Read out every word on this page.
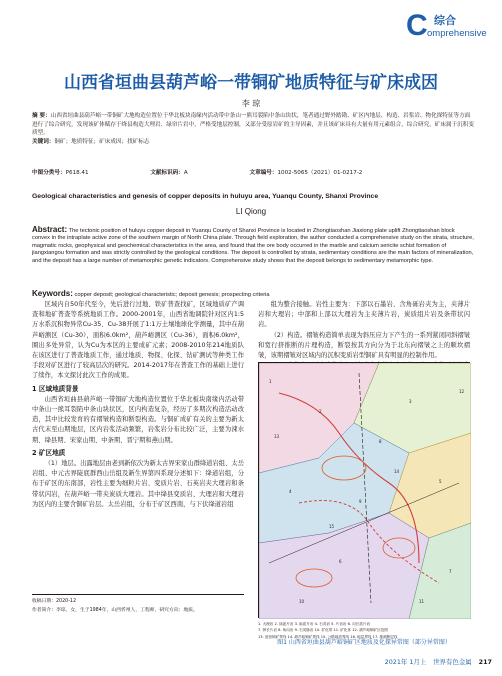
C 综合
omprehensive
山西省垣曲县葫芦峪一带铜矿地质特征与矿床成因
李 琼
摘 要：山西省垣曲县葫芦峪一带铜矿大地构造位置位于华北板块南缘内活动带中条山一熊耳裂陷中条山块状，笔者通过野外踏勘、矿区内地层、构造、岩浆岩、物化探特征等方面进行了综合研究，发现该矿体赋存于绛县构造大理岩、绿帘片岩中，严格受地层控制，又部分受原岩矿的主导因素，并且该矿床具有大量有用元素组合，综合研究，矿床属于沉积变质型。
关键词：铜矿；地质特征；矿床成因；找矿标志
中图分类号：P618.41	文献标识码：A	文章编号：1002-5065（2021）01-0217-2
Geological characteristics and genesis of copper deposits in huluyu area, Yuanqu County, Shanxi Province
LI Qiong
Abstract: The tectonic position of huluyu copper deposit in Yuanqu County of Shanxi Province is located in Zhongtiaoshan Jiaxiong plate uplift Zhongtiaoshan block convex in the intraplate active zone of the southern margin of North China plate. Through field exploration, the author conducted a comprehensive study on the strata, structure, magmatic rocks, geophysical and geochemical characteristics in the area, and found that the ore body occurred in the marble and calcium sericite schist formation of jiangxiangou formation and was strictly controlled by the geological conditions. The deposit is controlled by strata, sedimentary conditions are the main factors of mineralization, and the deposit has a large number of metamorphic genetic indicators. Comprehensive study shows that the deposit belongs to sedimentary metamorphic type.
Keywords: copper deposit; geological characteristic; deposit genesis; prospecting criteria

区域内自50年代至今，先后进行过地、铁矿普查找矿，区域地质矿产调查和地矿普查等系统地质工作。2000-2001年，山西省地调院针对区内1:5万水系沉积物异常Cu-35、Cu-38开展了1:1万土壤地球化学测量，其中在葫芦峪测区（Cu-30），面积6.0km²，葫芦峪测区（Cu-36），面积6.0km²，圈出多处异常，认为Cu为本区的主要成矿元素；2008-2010年214地质队在该区进行了普查地质工作，通过地质、物探、化探、钻矿测试等种类工作手段对矿区进行了较高层次的研究。2014-2017年在普查工作的基础上进行了续作，本文探讨此次工作的成果。

1 区域地质背景

山西省垣曲县葫芦峪一带铜矿大地构造位置位于华北板块南缘内活动带中条山一熊耳裂陷中条山块状区，区内构造复杂，经历了多期次构造活动改造，其中比较发育的有褶皱构造和断裂构造。与铜矿成矿有关的主要为新太古代末至山期地层，区内岩浆活动频繁，岩浆岩分布比较广泛，主要为涑水期、绛县期、宋家山期、中条期、晋宁期和燕山期。

2 矿区地质

（1）地层。出露地层由老到新依次为新太古界宋家山群绛道岩组、太岳岩组、中元古界陡底群西山岳组及新生界第四系现分述如下：绛道岩组，分布于矿区的东南部，岩性主要为细粒片岩、变质片岩、石英岩夹大理岩和条带状闪岩，在葫芦峪一带夹炭质大理岩。其中绛县变质岩、大理岩和大理岩为区内的主要含铜矿岩层。太岳岩组，分布于矿区西南，与下伏绛道岩组

收稿日期：2020-12
作者简介：李琼，女，生于1984年，山西忻州人，工程师，研究方向：地质。

组为整合接触。岩性主要为：下部以石墨岩、含角砾岩夹为主，夹薄片岩和大理岩；中部和上部以大理岩为主夹薄片岩，炭质组片岩及条带状闪岩。

（2）构造。褶皱构造简单表现为斜压应力下产生的一系列紧闭同斜褶皱和宽行挤推断的片理构造，断裂按其方向分为于北东向褶皱之上的顺坎褶皱，该期褶皱对区域内的沉积变质岩型铜矿具有明显的控制作用。

1
2
3
4
5
6
7
8
9
10	11
12
13
14
15
1. 大理岩 2. 绿泥片岩 3. 砾质片岩 4. 石英岩 5. 片岩岩 6. 闪长质片岩
7. 钾长片岩 8. 角闪岩 9. 石英脉岩 10. 矿化带 11. 矿化体 12. 葫芦峪铜矿区范围
13. 宽营铜矿界线 14. 葫芦峪铜矿界线 15. 公路地质界线 16. 地层界线 17. 推测断层线
图1 山西省垣曲县葫芦峪铜矿区地质及化探异常图（部分异常图）
2021年 1月上 世界有色金属 217
